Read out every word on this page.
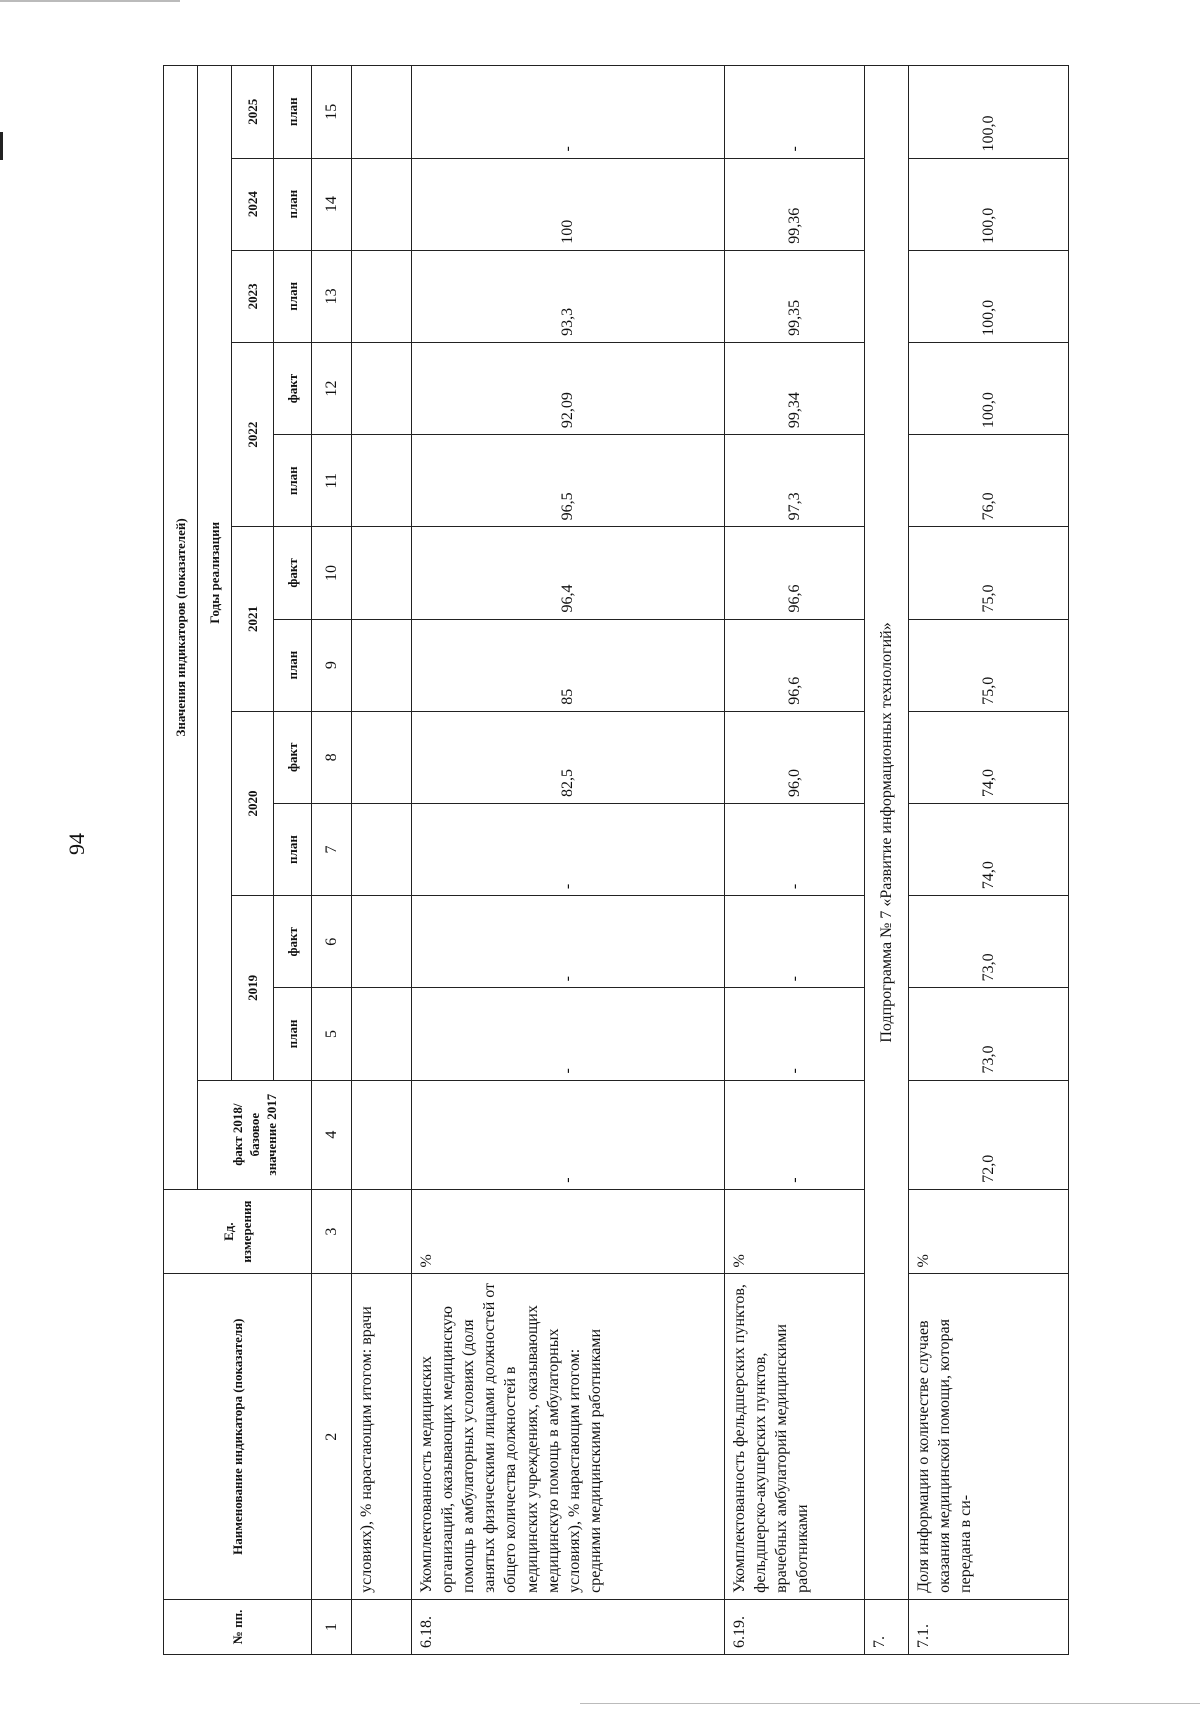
94
№ пп.	Наименование индикатора (показателя)	Ед. измерения	Значения индикаторов (показателей)											
			факт 2018/базовое значение 2017	Годы реализации										
				2019		2020		2021		2022		2023	2024	2025
				план	факт	план	факт	план	факт	план	факт	план	план	план
1	2	3	4	5	6	7	8	9	10	11	12	13	14	15
	условиях), % нарастающим итогом: врачи													
6.18.	Укомплектованность медицинских организаций, оказывающих медицинскую помощь в амбулаторных условиях (доля занятых физическими лицами должностей от общего количества должностей в медицинских учреждениях, оказывающих медицинскую помощь в амбулаторных условиях), % нарастающим итогом: средними медицинскими работниками	%	-	-	-	-	82,5	85	96,4	96,5	92,09	93,3	100	-
6.19.	Укомплектованность фельдшерских пунктов, фельдшерско-акушерских пунктов, врачебных амбулаторий медицинскими работниками	%	-	-	-	-	96,0	96,6	96,6	97,3	99,34	99,35	99,36	-
7.	Подпрограмма № 7 «Развитие информационных технологий»													
7.1.	Доля информации о количестве случаев оказания медицинской помощи, которая передана в си-	%	72,0	73,0	73,0	74,0	74,0	75,0	75,0	76,0	100,0	100,0	100,0	100,0
